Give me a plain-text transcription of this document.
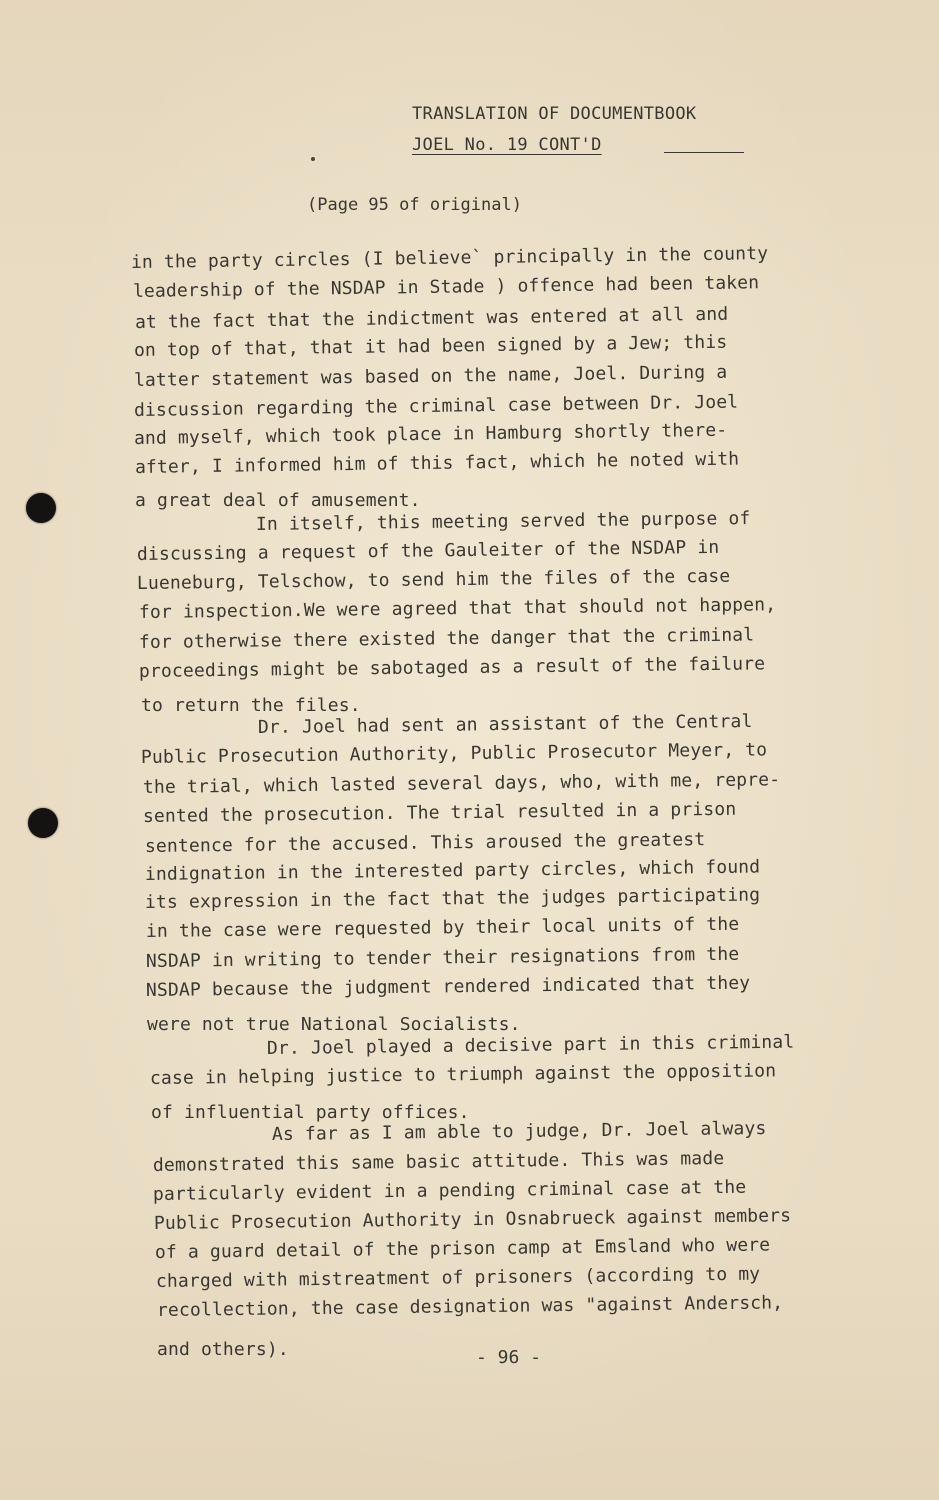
TRANSLATION OF DOCUMENTBOOK
JOEL No. 19 CONT'D
(Page 95 of original)
in the party circles (I believe` principally in the county
leadership of the NSDAP in Stade ) offence had been taken
at the fact that the indictment was entered at all and
on top of that, that it had been signed by a Jew; this
latter statement was based on the name, Joel. During a
discussion regarding the criminal case between Dr. Joel
and myself, which took place in Hamburg shortly there-
after, I informed him of this fact, which he noted with
a great deal of amusement.
In itself, this meeting served the purpose of
discussing a request of the Gauleiter of the NSDAP in
Lueneburg, Telschow, to send him the files of the case
for inspection.We were agreed that that should not happen,
for otherwise there existed the danger that the criminal
proceedings might be sabotaged as a result of the failure
to return the files.
Dr. Joel had sent an assistant of the Central
Public Prosecution Authority, Public Prosecutor Meyer, to
the trial, which lasted several days, who, with me, repre-
sented the prosecution. The trial resulted in a prison
sentence for the accused. This aroused the greatest
indignation in the interested party circles, which found
its expression in the fact that the judges participating
in the case were requested by their local units of the
NSDAP in writing to tender their resignations from the
NSDAP because the judgment rendered indicated that they
were not true National Socialists.
Dr. Joel played a decisive part in this criminal
case in helping justice to triumph against the opposition
of influential party offices.
As far as I am able to judge, Dr. Joel always
demonstrated this same basic attitude. This was made
particularly evident in a pending criminal case at the
Public Prosecution Authority in Osnabrueck against members
of a guard detail of the prison camp at Emsland who were
charged with mistreatment of prisoners (according to my
recollection, the case designation was "against Andersch,
and others).	- 96 -
